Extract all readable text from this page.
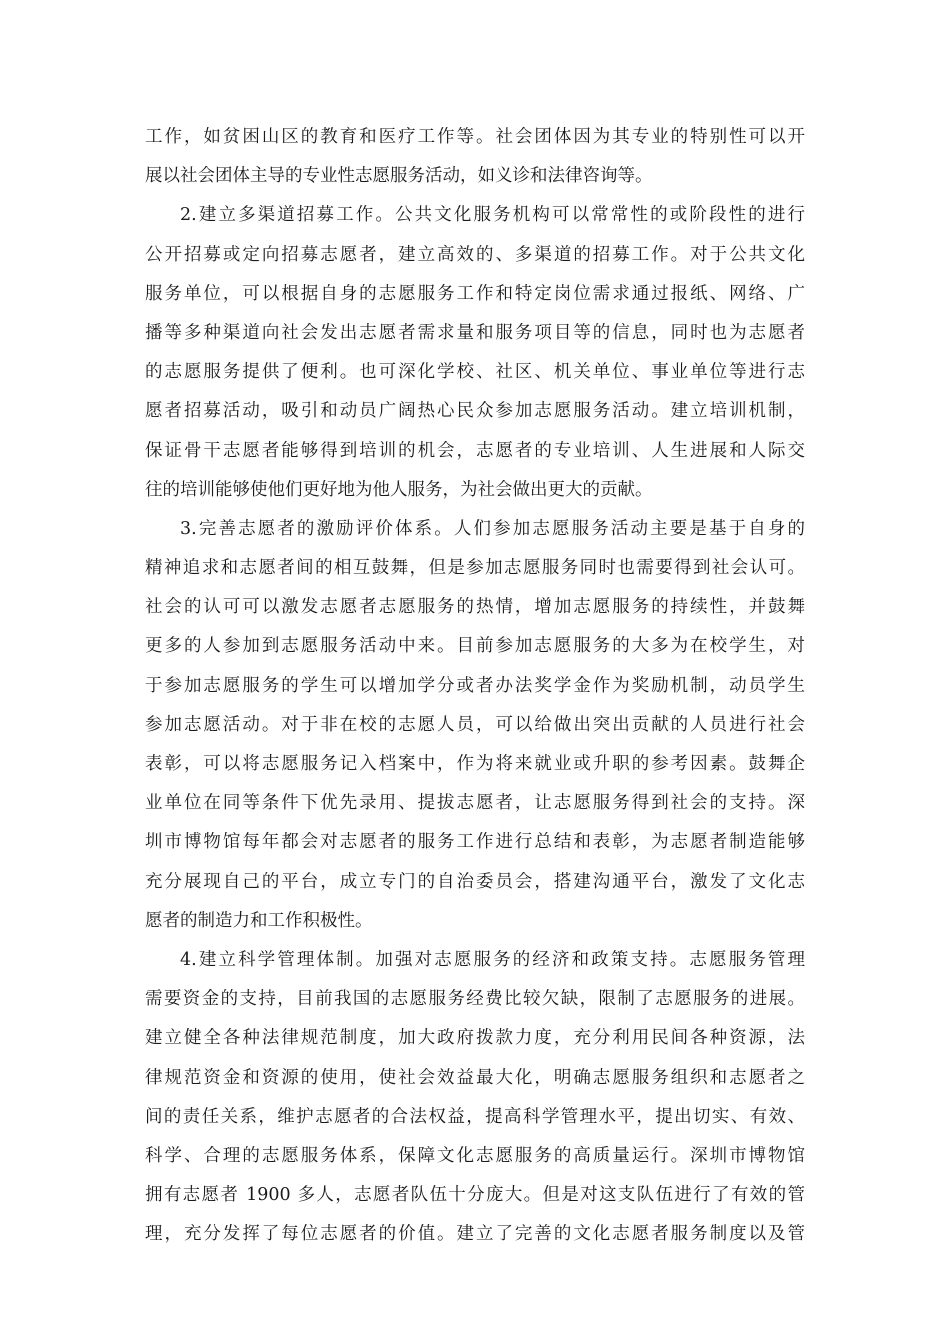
工作，如贫困山区的教育和医疗工作等。社会团体因为其专业的特别性可以开
展以社会团体主导的专业性志愿服务活动，如义诊和法律咨询等。
2.建立多渠道招募工作。公共文化服务机构可以常常性的或阶段性的进行
公开招募或定向招募志愿者，建立高效的、多渠道的招募工作。对于公共文化
服务单位，可以根据自身的志愿服务工作和特定岗位需求通过报纸、网络、广
播等多种渠道向社会发出志愿者需求量和服务项目等的信息，同时也为志愿者
的志愿服务提供了便利。也可深化学校、社区、机关单位、事业单位等进行志
愿者招募活动，吸引和动员广阔热心民众参加志愿服务活动。建立培训机制，
保证骨干志愿者能够得到培训的机会，志愿者的专业培训、人生进展和人际交
往的培训能够使他们更好地为他人服务，为社会做出更大的贡献。
3.完善志愿者的激励评价体系。人们参加志愿服务活动主要是基于自身的
精神追求和志愿者间的相互鼓舞，但是参加志愿服务同时也需要得到社会认可。
社会的认可可以激发志愿者志愿服务的热情，增加志愿服务的持续性，并鼓舞
更多的人参加到志愿服务活动中来。目前参加志愿服务的大多为在校学生，对
于参加志愿服务的学生可以增加学分或者办法奖学金作为奖励机制，动员学生
参加志愿活动。对于非在校的志愿人员，可以给做出突出贡献的人员进行社会
表彰，可以将志愿服务记入档案中，作为将来就业或升职的参考因素。鼓舞企
业单位在同等条件下优先录用、提拔志愿者，让志愿服务得到社会的支持。深
圳市博物馆每年都会对志愿者的服务工作进行总结和表彰，为志愿者制造能够
充分展现自己的平台，成立专门的自治委员会，搭建沟通平台，激发了文化志
愿者的制造力和工作积极性。
4.建立科学管理体制。加强对志愿服务的经济和政策支持。志愿服务管理
需要资金的支持，目前我国的志愿服务经费比较欠缺，限制了志愿服务的进展。
建立健全各种法律规范制度，加大政府拨款力度，充分利用民间各种资源，法
律规范资金和资源的使用，使社会效益最大化，明确志愿服务组织和志愿者之
间的责任关系，维护志愿者的合法权益，提高科学管理水平，提出切实、有效、
科学、合理的志愿服务体系，保障文化志愿服务的高质量运行。深圳市博物馆
拥有志愿者 1900 多人，志愿者队伍十分庞大。但是对这支队伍进行了有效的管
理，充分发挥了每位志愿者的价值。建立了完善的文化志愿者服务制度以及管
